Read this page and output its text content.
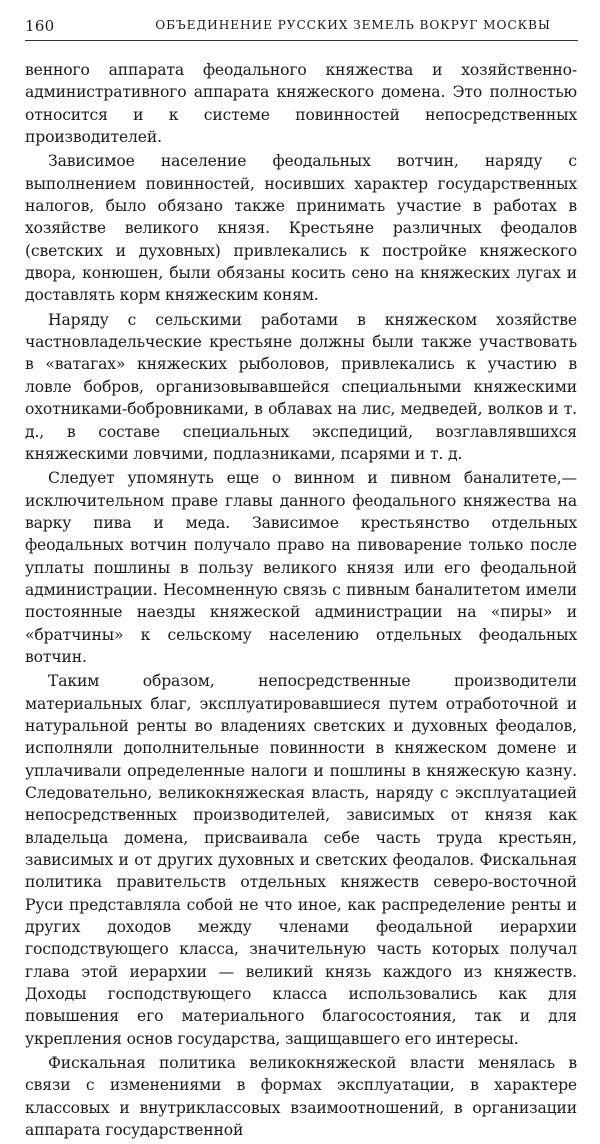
160	ОБЪЕДИНЕНИЕ РУССКИХ ЗЕМЕЛЬ ВОКРУГ МОСКВЫ

венного аппарата феодального княжества и хозяйственно-административного аппарата княжеского домена. Это полностью относится и к системе повинностей непосредственных производителей.

Зависимое население феодальных вотчин, наряду с выполнением повинностей, носивших характер государственных налогов, было обязано также принимать участие в работах в хозяйстве великого князя. Крестьяне различных феодалов (светских и духовных) привлекались к постройке княжеского двора, конюшен, были обязаны косить сено на княжеских лугах и доставлять корм княжеским коням.

Наряду с сельскими работами в княжеском хозяйстве частновладельческие крестьяне должны были также участвовать в «ватагах» княжеских рыболовов, привлекались к участию в ловле бобров, организовывавшейся специальными княжескими охотниками-бобровниками, в облавах на лис, медведей, волков и т. д., в составе специальных экспедиций, возглавлявшихся княжескими ловчими, подлазниками, псарями и т. д.

Следует упомянуть еще о винном и пивном баналитете,— исключительном праве главы данного феодального княжества на варку пива и меда. Зависимое крестьянство отдельных феодальных вотчин получало право на пивоварение только после уплаты пошлины в пользу великого князя или его феодальной администрации. Несомненную связь с пивным баналитетом имели постоянные наезды княжеской администрации на «пиры» и «братчины» к сельскому населению отдельных феодальных вотчин.

Таким образом, непосредственные производители материальных благ, эксплуатировавшиеся путем отработочной и натуральной ренты во владениях светских и духовных феодалов, исполняли дополнительные повинности в княжеском домене и уплачивали определенные налоги и пошлины в княжескую казну. Следовательно, великокняжеская власть, наряду с эксплуатацией непосредственных производителей, зависимых от князя как владельца домена, присваивала себе часть труда крестьян, зависимых и от других духовных и светских феодалов. Фискальная политика правительств отдельных княжеств северо-восточной Руси представляла собой не что иное, как распределение ренты и других доходов между членами феодальной иерархии господствующего класса, значительную часть которых получал глава этой иерархии — великий князь каждого из княжеств. Доходы господствующего класса использовались как для повышения его материального благосостояния, так и для укрепления основ государства, защищавшего его интересы.

Фискальная политика великокняжеской власти менялась в связи с изменениями в формах эксплуатации, в характере классовых и внутриклассовых взаимоотношений, в организации аппарата государственной
